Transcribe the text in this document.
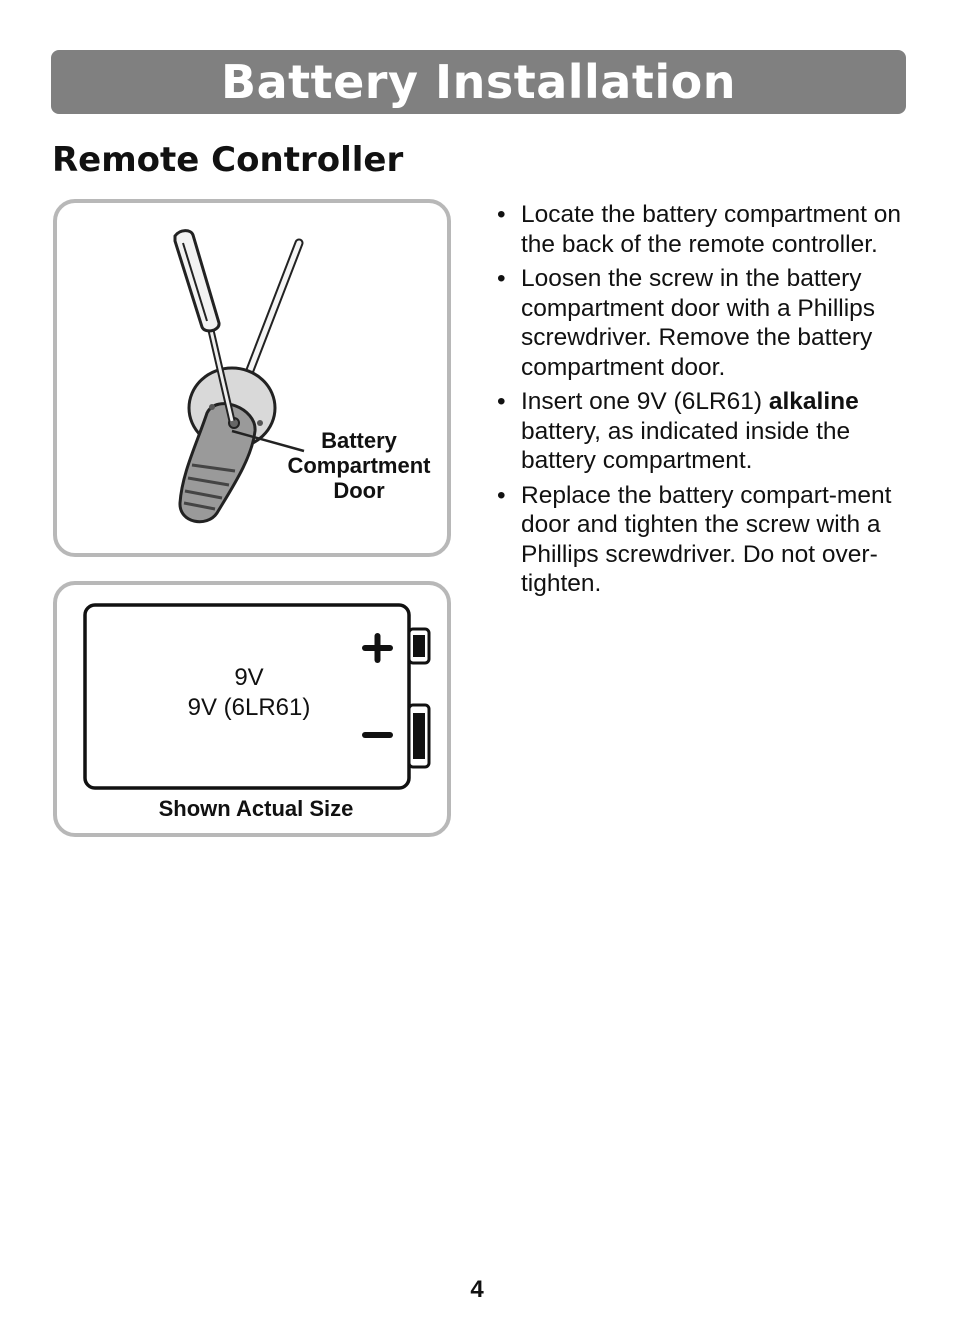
Battery Installation
Remote Controller
Battery
Compartment
Door
9V
9V (6LR61)
Shown Actual Size
• Locate the battery compartment on the back of the remote controller.
• Loosen the screw in the battery compartment door with a Phillips screwdriver. Remove the battery compartment door.
• Insert one 9V (6LR61) alkaline battery, as indicated inside the battery compartment.
• Replace the battery compart-ment door and tighten the screw with a Phillips screwdriver. Do not over-tighten.
4
